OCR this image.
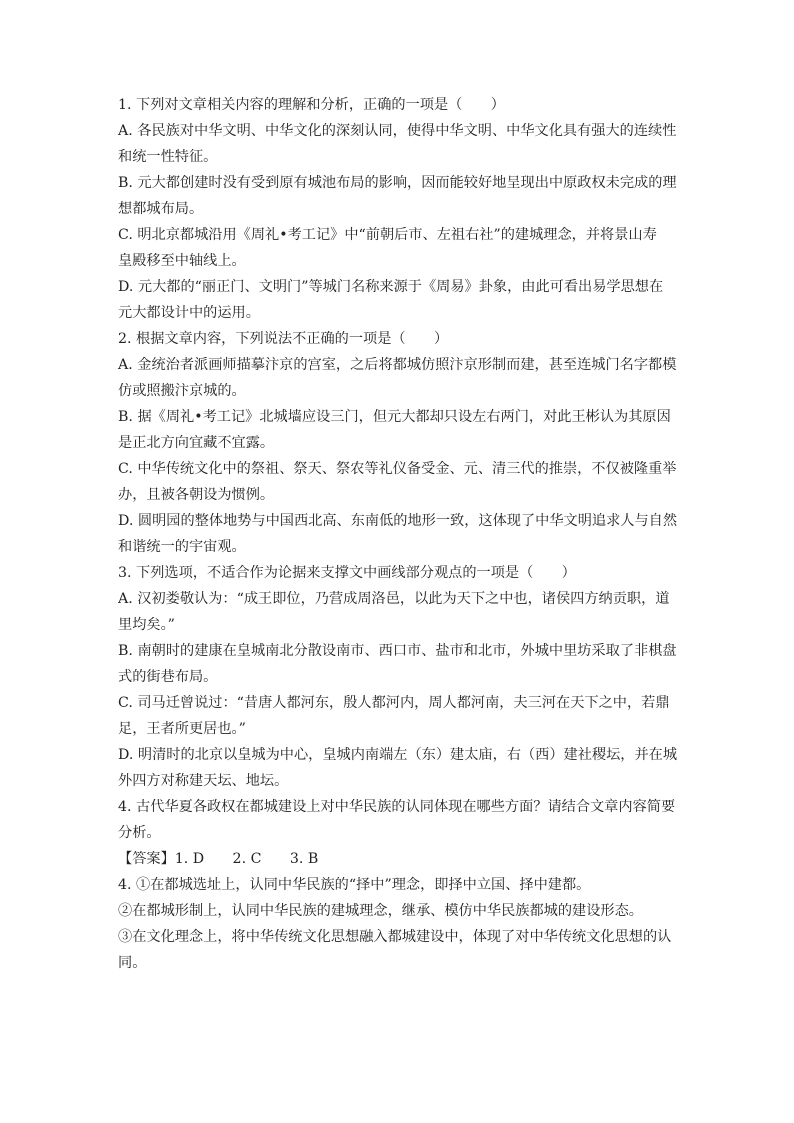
1. 下列对文章相关内容的理解和分析，正确的一项是（　　）
A. 各民族对中华文明、中华文化的深刻认同，使得中华文明、中华文化具有强大的连续性
和统一性特征。
B. 元大都创建时没有受到原有城池布局的影响，因而能较好地呈现出中原政权未完成的理
想都城布局。
C. 明北京都城沿用《周礼•考工记》中“前朝后市、左祖右社”的建城理念，并将景山寿
皇殿移至中轴线上。
D. 元大都的“丽正门、文明门”等城门名称来源于《周易》卦象，由此可看出易学思想在
元大都设计中的运用。
2. 根据文章内容，下列说法不正确的一项是（　　）
A. 金统治者派画师描摹汴京的宫室，之后将都城仿照汴京形制而建，甚至连城门名字都模
仿或照搬汴京城的。
B. 据《周礼•考工记》北城墙应设三门，但元大都却只设左右两门，对此王彬认为其原因
是正北方向宜藏不宜露。
C. 中华传统文化中的祭祖、祭天、祭农等礼仪备受金、元、清三代的推崇，不仅被隆重举
办，且被各朝设为惯例。
D. 圆明园的整体地势与中国西北高、东南低的地形一致，这体现了中华文明追求人与自然
和谐统一的宇宙观。
3. 下列选项，不适合作为论据来支撑文中画线部分观点的一项是（　　）
A. 汉初娄敬认为：“成王即位，乃营成周洛邑，以此为天下之中也，诸侯四方纳贡职，道
里均矣。”
B. 南朝时的建康在皇城南北分散设南市、西口市、盐市和北市，外城中里坊采取了非棋盘
式的街巷布局。
C. 司马迁曾说过：“昔唐人都河东，殷人都河内，周人都河南，夫三河在天下之中，若鼎
足，王者所更居也。”
D. 明清时的北京以皇城为中心，皇城内南端左（东）建太庙，右（西）建社稷坛，并在城
外四方对称建天坛、地坛。
4. 古代华夏各政权在都城建设上对中华民族的认同体现在哪些方面？请结合文章内容简要
分析。
【答案】1. D　　2. C　　3. B
4. ①在都城选址上，认同中华民族的“择中”理念，即择中立国、择中建都。
②在都城形制上，认同中华民族的建城理念，继承、模仿中华民族都城的建设形态。
③在文化理念上，将中华传统文化思想融入都城建设中，体现了对中华传统文化思想的认
同。
